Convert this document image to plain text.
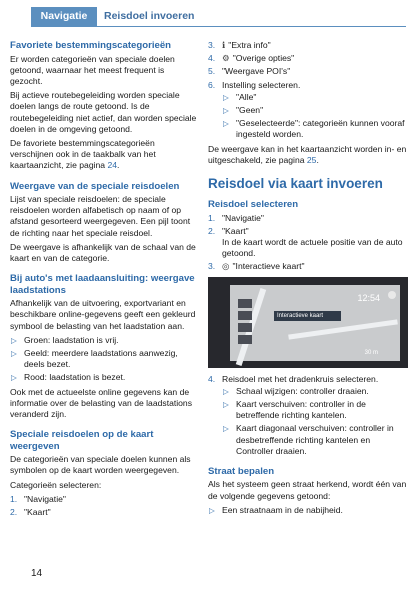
Navigatie	Reisdoel invoeren
Favoriete bestemmingscategorieën

Er worden categorieën van speciale doelen getoond, waarnaar het meest frequent is gezocht.

Bij actieve routebegeleiding worden speciale doelen langs de route getoond. Is de routebegeleiding niet actief, dan worden speciale doelen in de omgeving getoond.

De favoriete bestemmingscategorieën verschijnen ook in de taakbalk van het kaartaanzicht, zie pagina 24.

Weergave van de speciale reisdoelen

Lijst van speciale reisdoelen: de speciale reisdoelen worden alfabetisch op naam of op afstand gesorteerd weergegeven. Een pijl toont de richting naar het speciale reisdoel.

De weergave is afhankelijk van de schaal van de kaart en van de categorie.

Bij auto's met laadaansluiting: weergave laadstations

Afhankelijk van de uitvoering, exportvariant en beschikbare online-gegevens geeft een gekleurd symbool de belasting van het laadstation aan.

▷ Groen: laadstation is vrij.
▷ Geeld: meerdere laadstations aanwezig, deels bezet.
▷ Rood: laadstation is bezet.

Ook met de actueelste online gegevens kan de informatie over de belasting van de laadstations veranderd zijn.

Speciale reisdoelen op de kaart weergeven

De categorieën van speciale doelen kunnen als symbolen op de kaart worden weergegeven.

Categorieën selecteren:

1. "Navigatie"
2. "Kaart"
3. ℹ "Extra info"
4. ⚙ "Overige opties"
5. "Weergave POI's"
6. Instelling selecteren.
▷ "Alle"
▷ "Geen"
▷ "Geselecteerde": categorieën kunnen vooraf ingesteld worden.

De weergave kan in het kaartaanzicht worden in- en uitgeschakeld, zie pagina 25.

Reisdoel via kaart invoeren
Reisdoel selecteren
1. "Navigatie"
2. "Kaart"
In de kaart wordt de actuele positie van de auto getoond.
3. ◎ "Interactieve kaart"
12:54
Interactieve kaart
30 m
4. Reisdoel met het dradenkruis selecteren.
▷ Schaal wijzigen: controller draaien.
▷ Kaart verschuiven: controller in de betreffende richting kantelen.
▷ Kaart diagonaal verschuiven: controller in desbetreffende richting kantelen en Controller draaien.
Straat bepalen

Als het systeem geen straat herkend, wordt één van de volgende gegevens getoond:

▷ Een straatnaam in de nabijheid.
14
